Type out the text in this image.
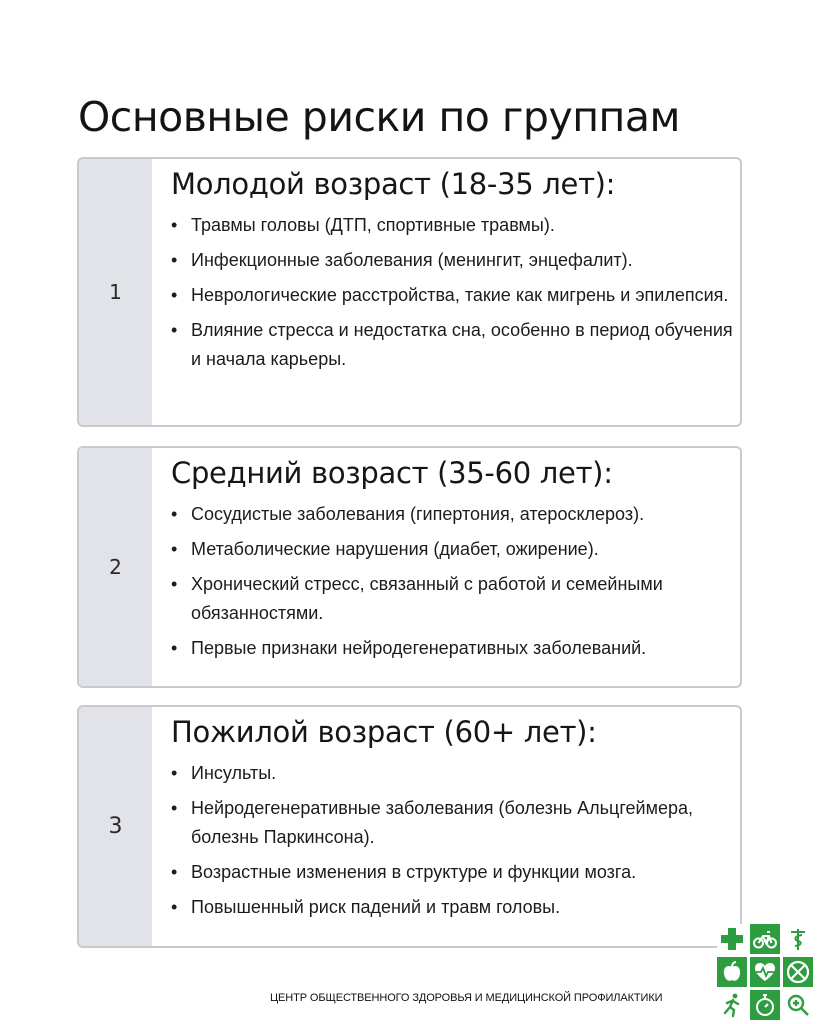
Основные риски по группам
1
Молодой возраст (18-35 лет):
• Травмы головы (ДТП, спортивные травмы).
• Инфекционные заболевания (менингит, энцефалит).
• Неврологические расстройства, такие как мигрень и эпилепсия.
• Влияние стресса и недостатка сна, особенно в период обучения и начала карьеры.
2
Средний возраст (35-60 лет):
• Сосудистые заболевания (гипертония, атеросклероз).
• Метаболические нарушения (диабет, ожирение).
• Хронический стресс, связанный с работой и семейными обязанностями.
• Первые признаки нейродегенеративных заболеваний.
3
Пожилой возраст (60+ лет):
• Инсульты.
• Нейродегенеративные заболевания (болезнь Альцгеймера, болезнь Паркинсона).
• Возрастные изменения в структуре и функции мозга.
• Повышенный риск падений и травм головы.
ЦЕНТР ОБЩЕСТВЕННОГО ЗДОРОВЬЯ И МЕДИЦИНСКОЙ ПРОФИЛАКТИКИ
